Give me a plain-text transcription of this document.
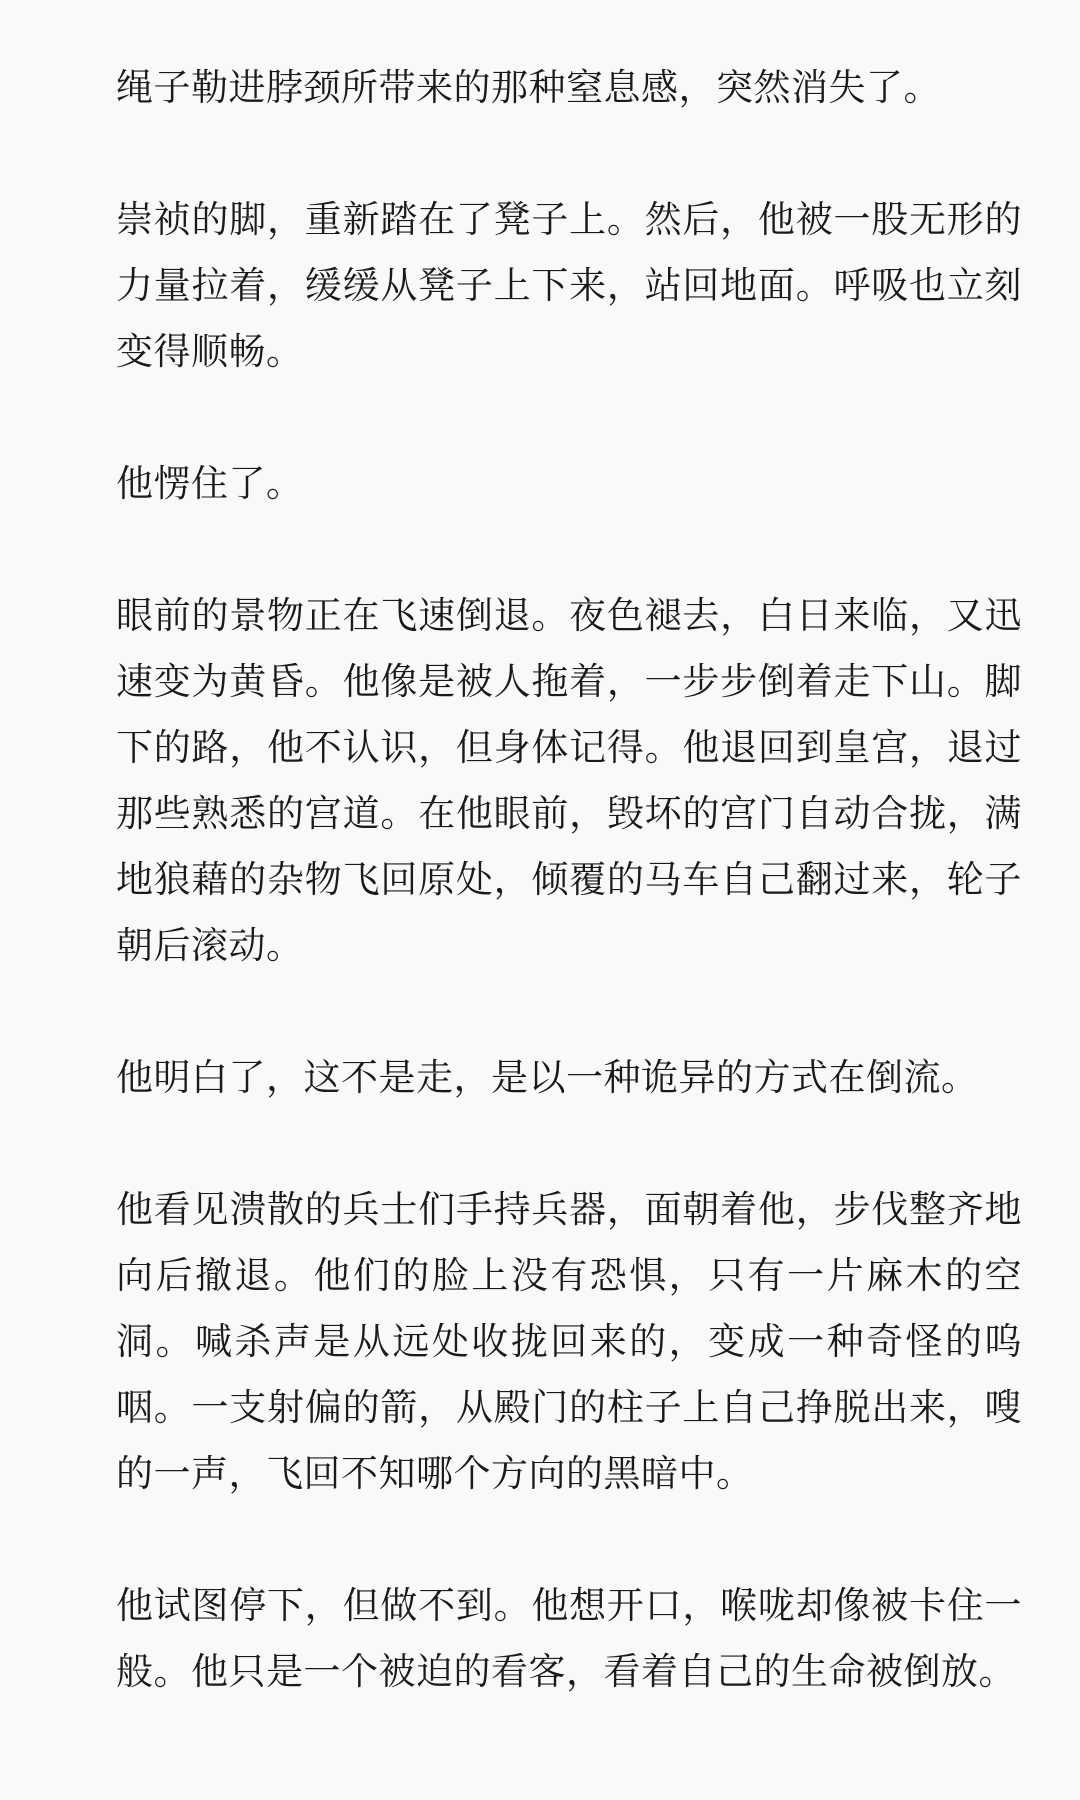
绳子勒进脖颈所带来的那种窒息感，突然消失了。

崇祯的脚，重新踏在了凳子上。然后，他被一股无形的力量拉着，缓缓从凳子上下来，站回地面。呼吸也立刻变得顺畅。

他愣住了。

眼前的景物正在飞速倒退。夜色褪去，白日来临，又迅速变为黄昏。他像是被人拖着，一步步倒着走下山。脚下的路，他不认识，但身体记得。他退回到皇宫，退过那些熟悉的宫道。在他眼前，毁坏的宫门自动合拢，满地狼藉的杂物飞回原处，倾覆的马车自己翻过来，轮子朝后滚动。

他明白了，这不是走，是以一种诡异的方式在倒流。

他看见溃散的兵士们手持兵器，面朝着他，步伐整齐地向后撤退。他们的脸上没有恐惧，只有一片麻木的空洞。喊杀声是从远处收拢回来的，变成一种奇怪的呜咽。一支射偏的箭，从殿门的柱子上自己挣脱出来，嗖的一声，飞回不知哪个方向的黑暗中。

他试图停下，但做不到。他想开口，喉咙却像被卡住一般。他只是一个被迫的看客，看着自己的生命被倒放。
